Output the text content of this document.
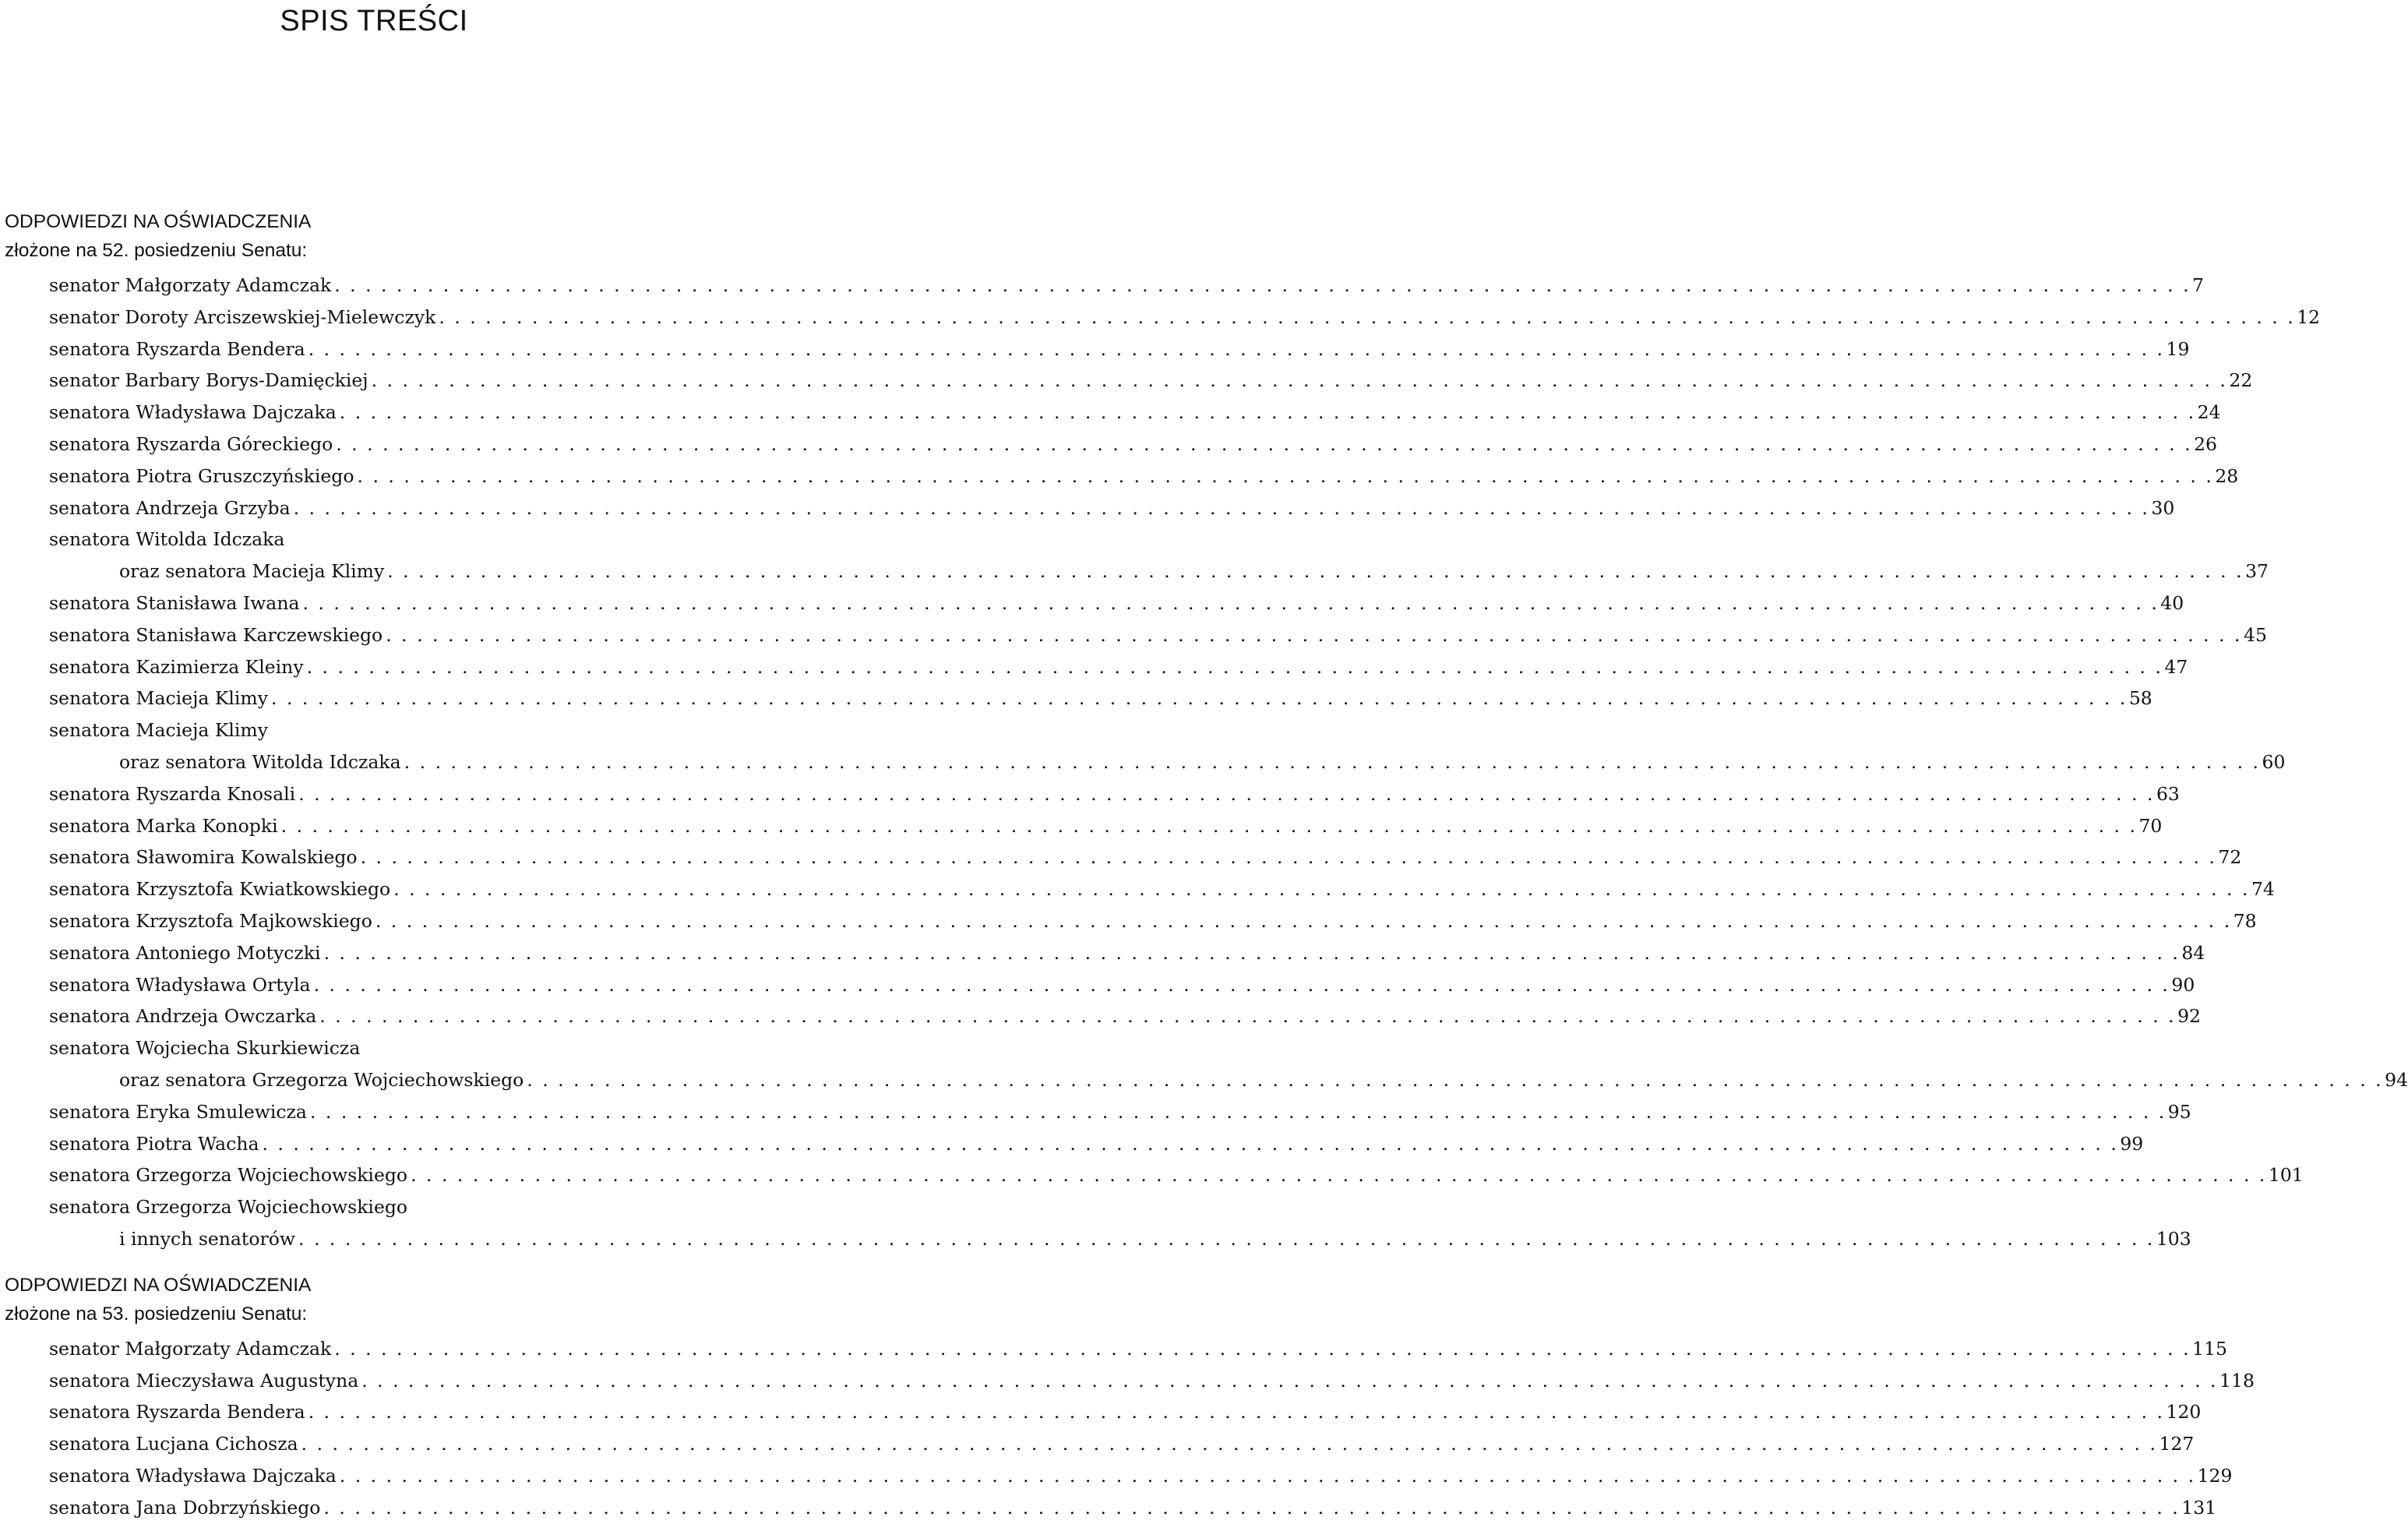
SPIS TREŚCI
ODPOWIEDZI NA OŚWIADCZENIA
złożone na 52. posiedzeniu Senatu:
senator Małgorzaty Adamczak . . . . . . . . . . . . . . . . . . . . . . . . . . . . . . . . . . . . . . . . . . . . . . . . . . . . . . . . . . . . . . . . . . . . . . . . . . . . . . . . . . . . . . . . . . . . . . . . . . . . . . . . . . . . . . . . . . . . . . . . 7
senator Doroty Arciszewskiej-Mielewczyk . . . . . . . . . . . . . . . . . . . . . . . . . . . . . . . . . . . . . . . . . . . . . . . . . . . . . . . . . . . . . . . . . . . . . . . . . . . . . . . . . . . . . . . . . . . . . . . . . . . . . . . . . . . . . . . . . . . . . . . . 12
senatora Ryszarda Bendera . . . . . . . . . . . . . . . . . . . . . . . . . . . . . . . . . . . . . . . . . . . . . . . . . . . . . . . . . . . . . . . . . . . . . . . . . . . . . . . . . . . . . . . . . . . . . . . . . . . . . . . . . . . . . . . . . . . . . . . . 19
senator Barbary Borys-Damięckiej . . . . . . . . . . . . . . . . . . . . . . . . . . . . . . . . . . . . . . . . . . . . . . . . . . . . . . . . . . . . . . . . . . . . . . . . . . . . . . . . . . . . . . . . . . . . . . . . . . . . . . . . . . . . . . . . . . . . . . . . 22
senatora Władysława Dajczaka . . . . . . . . . . . . . . . . . . . . . . . . . . . . . . . . . . . . . . . . . . . . . . . . . . . . . . . . . . . . . . . . . . . . . . . . . . . . . . . . . . . . . . . . . . . . . . . . . . . . . . . . . . . . . . . . . . . . . . . . 24
senatora Ryszarda Góreckiego . . . . . . . . . . . . . . . . . . . . . . . . . . . . . . . . . . . . . . . . . . . . . . . . . . . . . . . . . . . . . . . . . . . . . . . . . . . . . . . . . . . . . . . . . . . . . . . . . . . . . . . . . . . . . . . . . . . . . . . . 26
senatora Piotra Gruszczyńskiego . . . . . . . . . . . . . . . . . . . . . . . . . . . . . . . . . . . . . . . . . . . . . . . . . . . . . . . . . . . . . . . . . . . . . . . . . . . . . . . . . . . . . . . . . . . . . . . . . . . . . . . . . . . . . . . . . . . . . . . . 28
senatora Andrzeja Grzyba . . . . . . . . . . . . . . . . . . . . . . . . . . . . . . . . . . . . . . . . . . . . . . . . . . . . . . . . . . . . . . . . . . . . . . . . . . . . . . . . . . . . . . . . . . . . . . . . . . . . . . . . . . . . . . . . . . . . . . . . 30
senatora Witolda Idczaka
oraz senatora Macieja Klimy . . . . . . . . . . . . . . . . . . . . . . . . . . . . . . . . . . . . . . . . . . . . . . . . . . . . . . . . . . . . . . . . . . . . . . . . . . . . . . . . . . . . . . . . . . . . . . . . . . . . . . . . . . . . . . . . . . . . . . . . 37
senatora Stanisława Iwana . . . . . . . . . . . . . . . . . . . . . . . . . . . . . . . . . . . . . . . . . . . . . . . . . . . . . . . . . . . . . . . . . . . . . . . . . . . . . . . . . . . . . . . . . . . . . . . . . . . . . . . . . . . . . . . . . . . . . . . . 40
senatora Stanisława Karczewskiego . . . . . . . . . . . . . . . . . . . . . . . . . . . . . . . . . . . . . . . . . . . . . . . . . . . . . . . . . . . . . . . . . . . . . . . . . . . . . . . . . . . . . . . . . . . . . . . . . . . . . . . . . . . . . . . . . . . . . . . . 45
senatora Kazimierza Kleiny . . . . . . . . . . . . . . . . . . . . . . . . . . . . . . . . . . . . . . . . . . . . . . . . . . . . . . . . . . . . . . . . . . . . . . . . . . . . . . . . . . . . . . . . . . . . . . . . . . . . . . . . . . . . . . . . . . . . . . . . 47
senatora Macieja Klimy . . . . . . . . . . . . . . . . . . . . . . . . . . . . . . . . . . . . . . . . . . . . . . . . . . . . . . . . . . . . . . . . . . . . . . . . . . . . . . . . . . . . . . . . . . . . . . . . . . . . . . . . . . . . . . . . . . . . . . . . 58
senatora Macieja Klimy
oraz senatora Witolda Idczaka . . . . . . . . . . . . . . . . . . . . . . . . . . . . . . . . . . . . . . . . . . . . . . . . . . . . . . . . . . . . . . . . . . . . . . . . . . . . . . . . . . . . . . . . . . . . . . . . . . . . . . . . . . . . . . . . . . . . . . . . 60
senatora Ryszarda Knosali . . . . . . . . . . . . . . . . . . . . . . . . . . . . . . . . . . . . . . . . . . . . . . . . . . . . . . . . . . . . . . . . . . . . . . . . . . . . . . . . . . . . . . . . . . . . . . . . . . . . . . . . . . . . . . . . . . . . . . . . 63
senatora Marka Konopki . . . . . . . . . . . . . . . . . . . . . . . . . . . . . . . . . . . . . . . . . . . . . . . . . . . . . . . . . . . . . . . . . . . . . . . . . . . . . . . . . . . . . . . . . . . . . . . . . . . . . . . . . . . . . . . . . . . . . . . . 70
senatora Sławomira Kowalskiego . . . . . . . . . . . . . . . . . . . . . . . . . . . . . . . . . . . . . . . . . . . . . . . . . . . . . . . . . . . . . . . . . . . . . . . . . . . . . . . . . . . . . . . . . . . . . . . . . . . . . . . . . . . . . . . . . . . . . . . . 72
senatora Krzysztofa Kwiatkowskiego . . . . . . . . . . . . . . . . . . . . . . . . . . . . . . . . . . . . . . . . . . . . . . . . . . . . . . . . . . . . . . . . . . . . . . . . . . . . . . . . . . . . . . . . . . . . . . . . . . . . . . . . . . . . . . . . . . . . . . . . 74
senatora Krzysztofa Majkowskiego . . . . . . . . . . . . . . . . . . . . . . . . . . . . . . . . . . . . . . . . . . . . . . . . . . . . . . . . . . . . . . . . . . . . . . . . . . . . . . . . . . . . . . . . . . . . . . . . . . . . . . . . . . . . . . . . . . . . . . . . 78
senatora Antoniego Motyczki . . . . . . . . . . . . . . . . . . . . . . . . . . . . . . . . . . . . . . . . . . . . . . . . . . . . . . . . . . . . . . . . . . . . . . . . . . . . . . . . . . . . . . . . . . . . . . . . . . . . . . . . . . . . . . . . . . . . . . . . 84
senatora Władysława Ortyla . . . . . . . . . . . . . . . . . . . . . . . . . . . . . . . . . . . . . . . . . . . . . . . . . . . . . . . . . . . . . . . . . . . . . . . . . . . . . . . . . . . . . . . . . . . . . . . . . . . . . . . . . . . . . . . . . . . . . . . . 90
senatora Andrzeja Owczarka . . . . . . . . . . . . . . . . . . . . . . . . . . . . . . . . . . . . . . . . . . . . . . . . . . . . . . . . . . . . . . . . . . . . . . . . . . . . . . . . . . . . . . . . . . . . . . . . . . . . . . . . . . . . . . . . . . . . . . . . 92
senatora Wojciecha Skurkiewicza
oraz senatora Grzegorza Wojciechowskiego . . . . . . . . . . . . . . . . . . . . . . . . . . . . . . . . . . . . . . . . . . . . . . . . . . . . . . . . . . . . . . . . . . . . . . . . . . . . . . . . . . . . . . . . . . . . . . . . . . . . . . . . . . . . . . . . . . . . . . . . 94
senatora Eryka Smulewicza . . . . . . . . . . . . . . . . . . . . . . . . . . . . . . . . . . . . . . . . . . . . . . . . . . . . . . . . . . . . . . . . . . . . . . . . . . . . . . . . . . . . . . . . . . . . . . . . . . . . . . . . . . . . . . . . . . . . . . . . 95
senatora Piotra Wacha . . . . . . . . . . . . . . . . . . . . . . . . . . . . . . . . . . . . . . . . . . . . . . . . . . . . . . . . . . . . . . . . . . . . . . . . . . . . . . . . . . . . . . . . . . . . . . . . . . . . . . . . . . . . . . . . . . . . . . . . 99
senatora Grzegorza Wojciechowskiego . . . . . . . . . . . . . . . . . . . . . . . . . . . . . . . . . . . . . . . . . . . . . . . . . . . . . . . . . . . . . . . . . . . . . . . . . . . . . . . . . . . . . . . . . . . . . . . . . . . . . . . . . . . . . . . . . . . . . . . . 101
senatora Grzegorza Wojciechowskiego
i innych senatorów . . . . . . . . . . . . . . . . . . . . . . . . . . . . . . . . . . . . . . . . . . . . . . . . . . . . . . . . . . . . . . . . . . . . . . . . . . . . . . . . . . . . . . . . . . . . . . . . . . . . . . . . . . . . . . . . . . . . . . . . 103
ODPOWIEDZI NA OŚWIADCZENIA
złożone na 53. posiedzeniu Senatu:
senator Małgorzaty Adamczak . . . . . . . . . . . . . . . . . . . . . . . . . . . . . . . . . . . . . . . . . . . . . . . . . . . . . . . . . . . . . . . . . . . . . . . . . . . . . . . . . . . . . . . . . . . . . . . . . . . . . . . . . . . . . . . . . . . . . . . . 115
senatora Mieczysława Augustyna . . . . . . . . . . . . . . . . . . . . . . . . . . . . . . . . . . . . . . . . . . . . . . . . . . . . . . . . . . . . . . . . . . . . . . . . . . . . . . . . . . . . . . . . . . . . . . . . . . . . . . . . . . . . . . . . . . . . . . . . 118
senatora Ryszarda Bendera . . . . . . . . . . . . . . . . . . . . . . . . . . . . . . . . . . . . . . . . . . . . . . . . . . . . . . . . . . . . . . . . . . . . . . . . . . . . . . . . . . . . . . . . . . . . . . . . . . . . . . . . . . . . . . . . . . . . . . . . 120
senatora Lucjana Cichosza . . . . . . . . . . . . . . . . . . . . . . . . . . . . . . . . . . . . . . . . . . . . . . . . . . . . . . . . . . . . . . . . . . . . . . . . . . . . . . . . . . . . . . . . . . . . . . . . . . . . . . . . . . . . . . . . . . . . . . . . 127
senatora Władysława Dajczaka . . . . . . . . . . . . . . . . . . . . . . . . . . . . . . . . . . . . . . . . . . . . . . . . . . . . . . . . . . . . . . . . . . . . . . . . . . . . . . . . . . . . . . . . . . . . . . . . . . . . . . . . . . . . . . . . . . . . . . . . 129
senatora Jana Dobrzyńskiego . . . . . . . . . . . . . . . . . . . . . . . . . . . . . . . . . . . . . . . . . . . . . . . . . . . . . . . . . . . . . . . . . . . . . . . . . . . . . . . . . . . . . . . . . . . . . . . . . . . . . . . . . . . . . . . . . . . . . . . . 131
